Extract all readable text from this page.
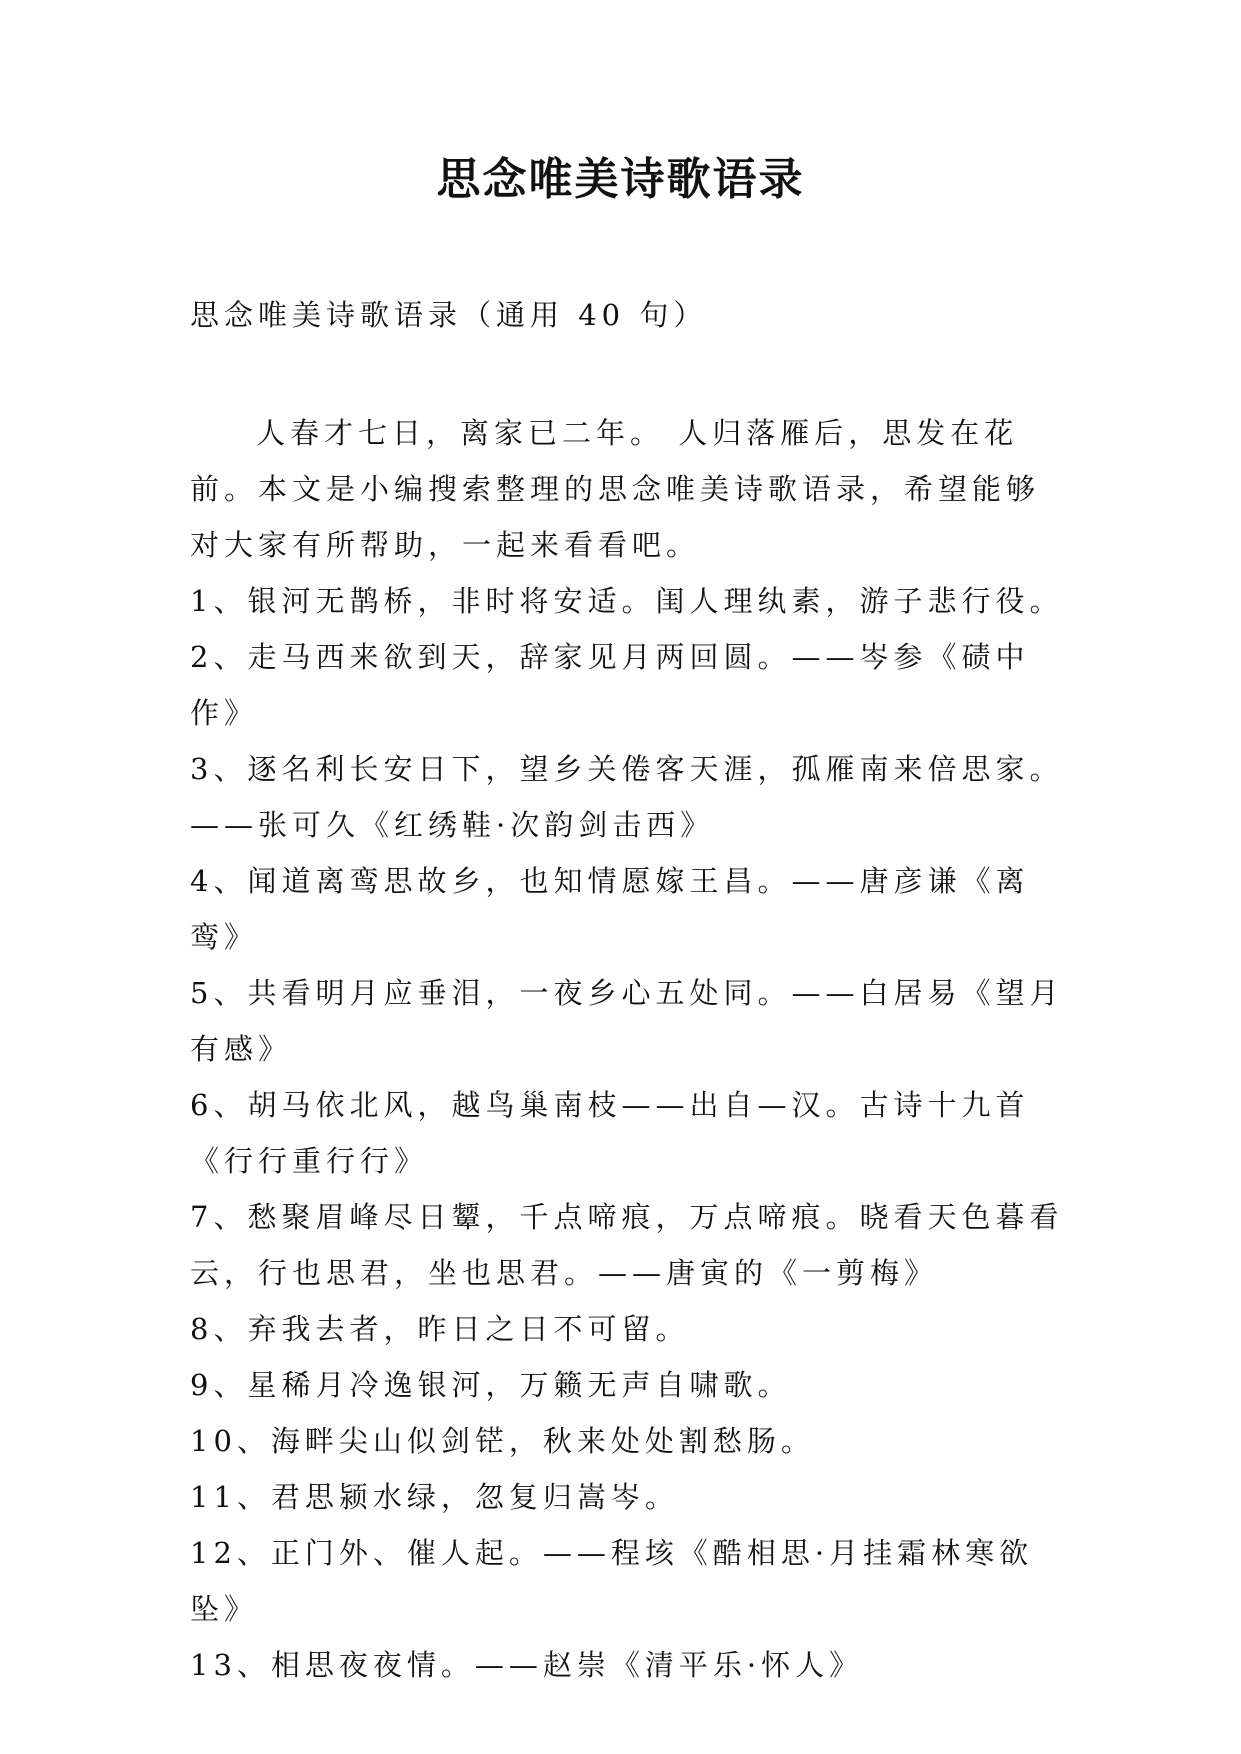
思念唯美诗歌语录
思念唯美诗歌语录（通用 40 句）

人春才七日，离家已二年。 人归落雁后，思发在花前。本文是小编搜索整理的思念唯美诗歌语录，希望能够对大家有所帮助，一起来看看吧。

1、银河无鹊桥，非时将安适。闺人理纨素，游子悲行役。

2、走马西来欲到天，辞家见月两回圆。——岑参《碛中作》

3、逐名利长安日下，望乡关倦客天涯，孤雁南来倍思家。——张可久《红绣鞋·次韵剑击西》

4、闻道离鸾思故乡，也知情愿嫁王昌。——唐彦谦《离鸾》

5、共看明月应垂泪，一夜乡心五处同。——白居易《望月有感》

6、胡马依北风，越鸟巢南枝——出自—汉。古诗十九首《行行重行行》

7、愁聚眉峰尽日颦，千点啼痕，万点啼痕。晓看天色暮看云，行也思君，坐也思君。——唐寅的《一剪梅》

8、弃我去者，昨日之日不可留。

9、星稀月冷逸银河，万籁无声自啸歌。

10、海畔尖山似剑铓，秋来处处割愁肠。

11、君思颍水绿，忽复归嵩岑。

12、正门外、催人起。——程垓《酷相思·月挂霜林寒欲坠》

13、相思夜夜情。——赵崇《清平乐·怀人》
